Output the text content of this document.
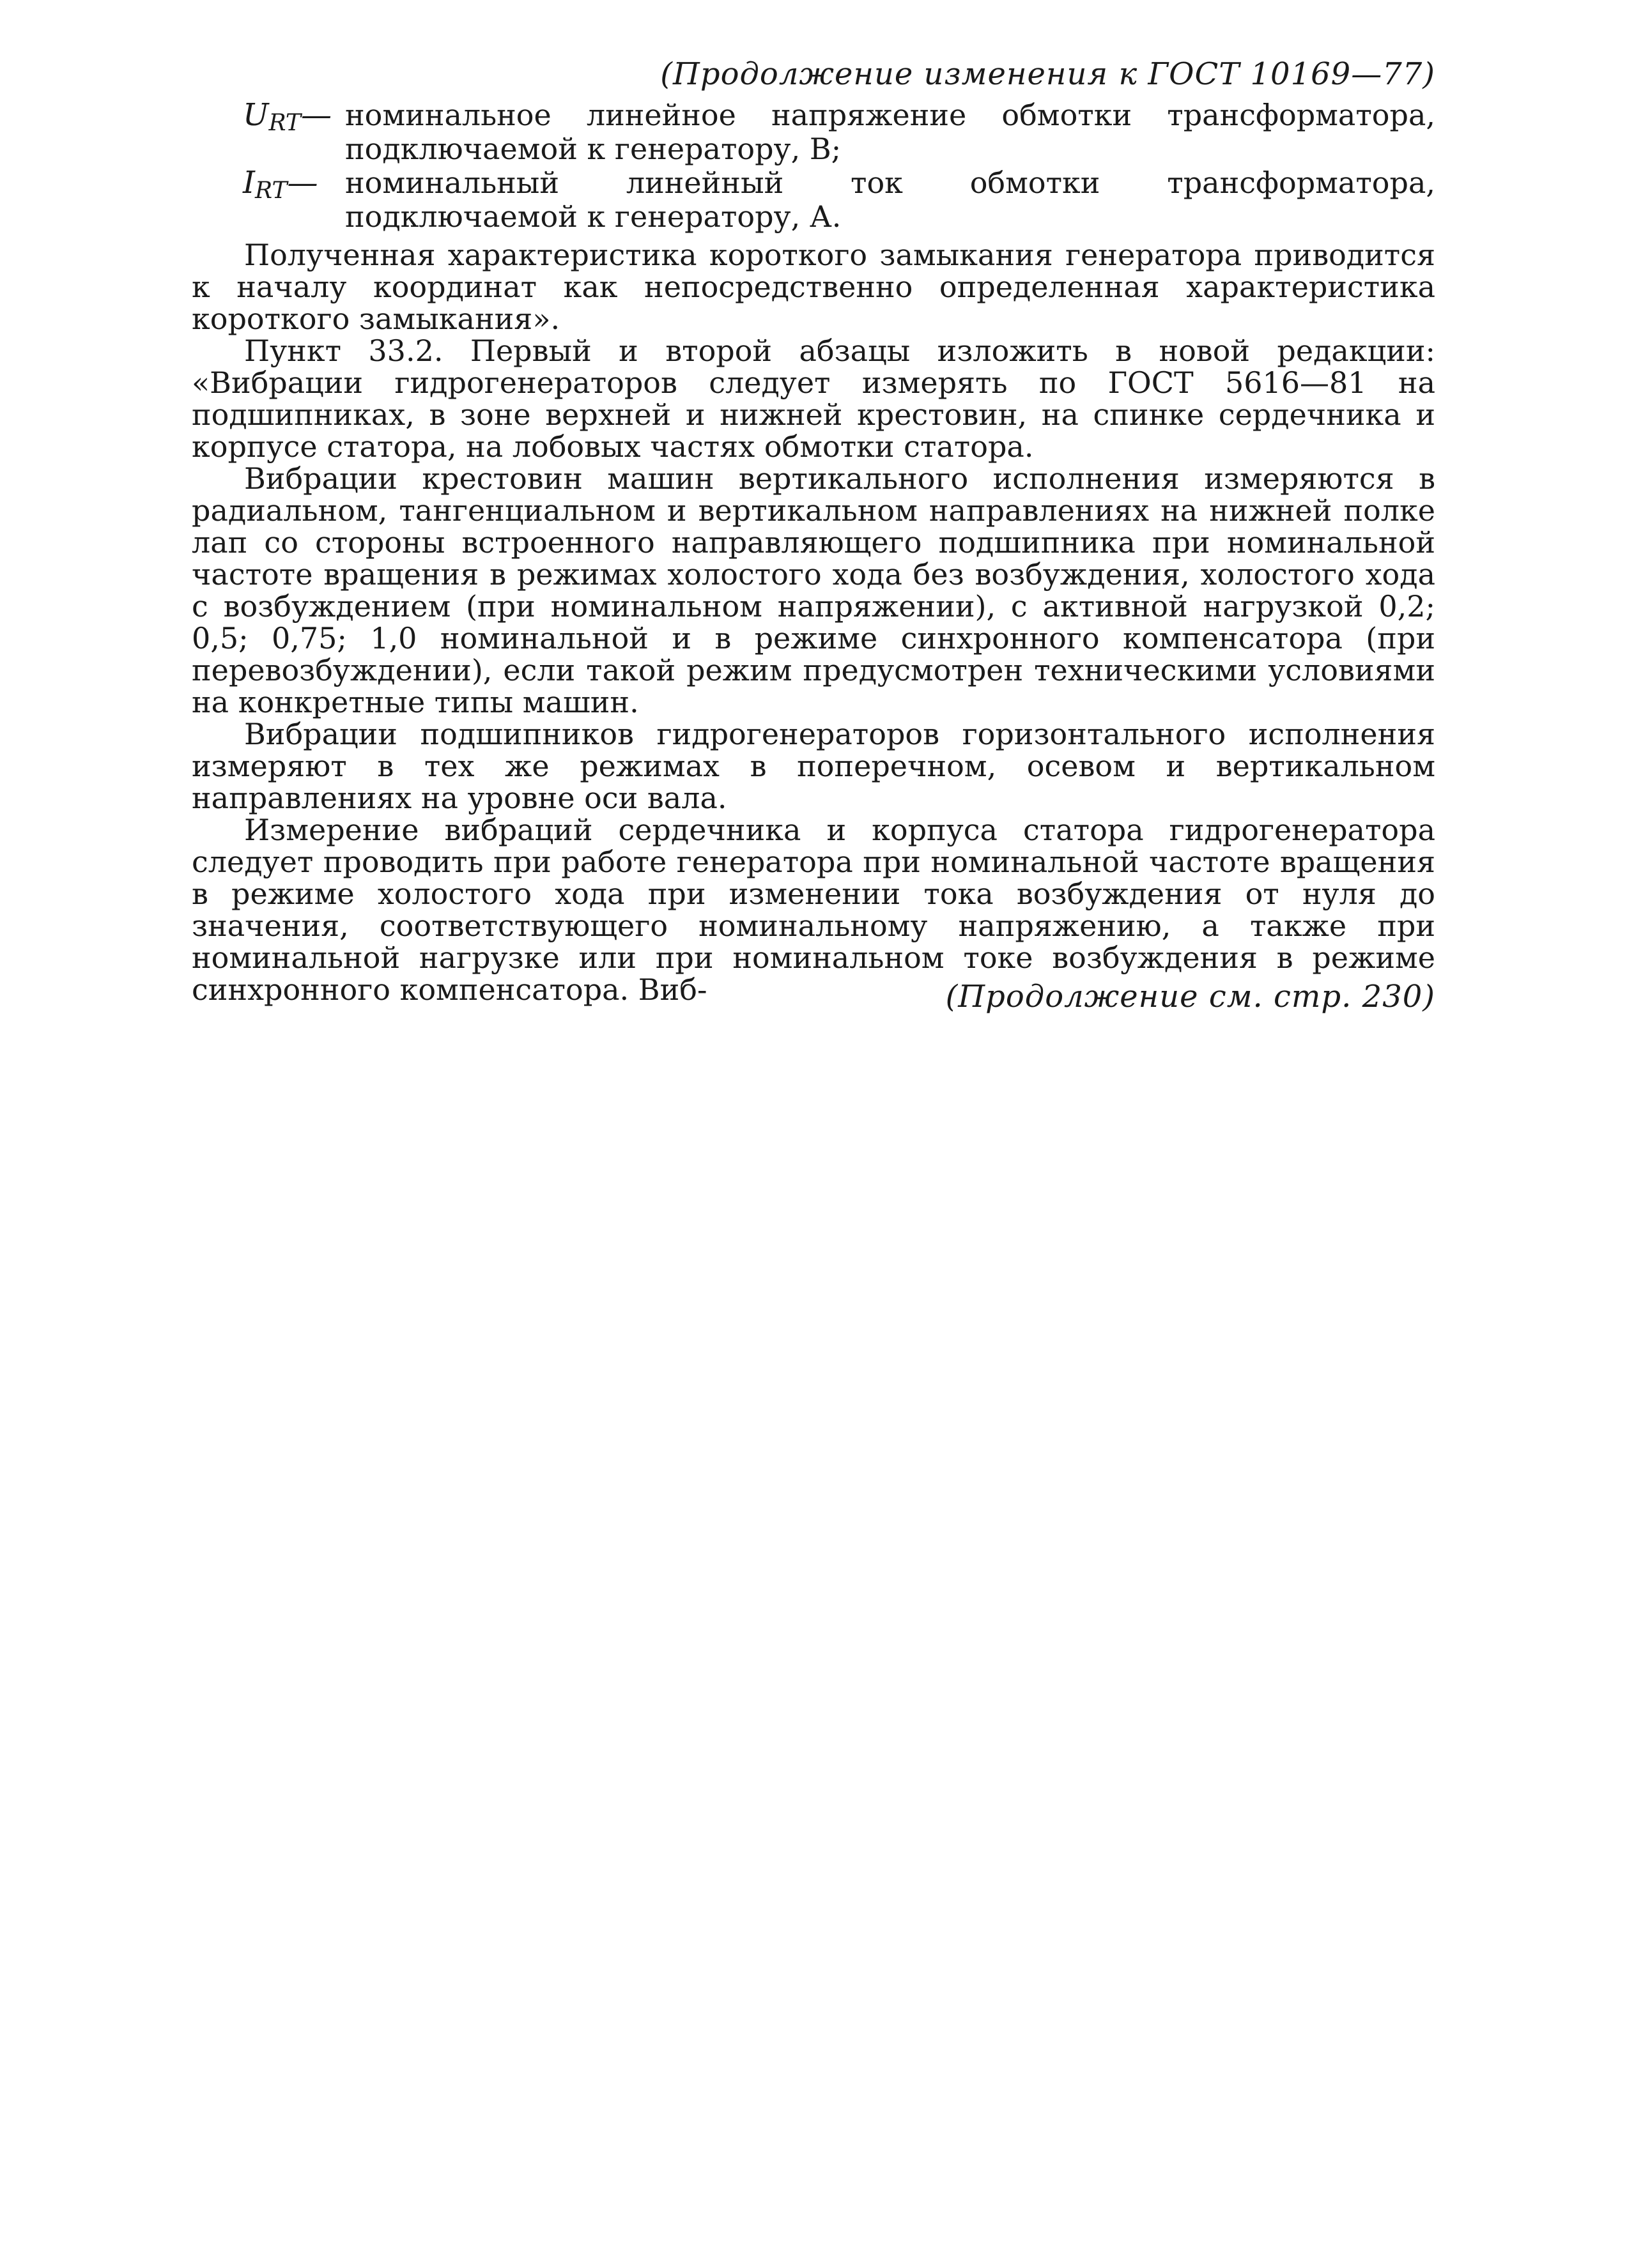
(Продолжение изменения к ГОСТ 10169—77)
$U_{RT}—$ номинальное линейное напряжение обмотки трансформатора, подключаемой к генератору, В;
$I_{RT}—$ номинальный линейный ток обмотки трансформатора, подключаемой к генератору, А.

Полученная характеристика короткого замыкания генератора приводится к началу координат как непосредственно определенная характеристика короткого замыкания».

Пункт 33.2. Первый и второй абзацы изложить в новой редакции: «Вибрации гидрогенераторов следует измерять по ГОСТ 5616—81 на подшипниках, в зоне верхней и нижней крестовин, на спинке сердечника и корпусе статора, на лобовых частях обмотки статора.

Вибрации крестовин машин вертикального исполнения измеряются в радиальном, тангенциальном и вертикальном направлениях на нижней полке лап со стороны встроенного направляющего подшипника при номинальной частоте вращения в режимах холостого хода без возбуждения, холостого хода с возбуждением (при номинальном напряжении), с активной нагрузкой 0,2; 0,5; 0,75; 1,0 номинальной и в режиме синхронного компенсатора (при перевозбуждении), если такой режим предусмотрен техническими условиями на конкретные типы машин.

Вибрации подшипников гидрогенераторов горизонтального исполнения измеряют в тех же режимах в поперечном, осевом и вертикальном направлениях на уровне оси вала.

Измерение вибраций сердечника и корпуса статора гидрогенератора следует проводить при работе генератора при номинальной частоте вращения в режиме холостого хода при изменении тока возбуждения от нуля до значения, соответствующего номинальному напряжению, а также при номинальной нагрузке или при номинальном токе возбуждения в режиме синхронного компенсатора. Виб-	(Продолжение см. стр. 230)
